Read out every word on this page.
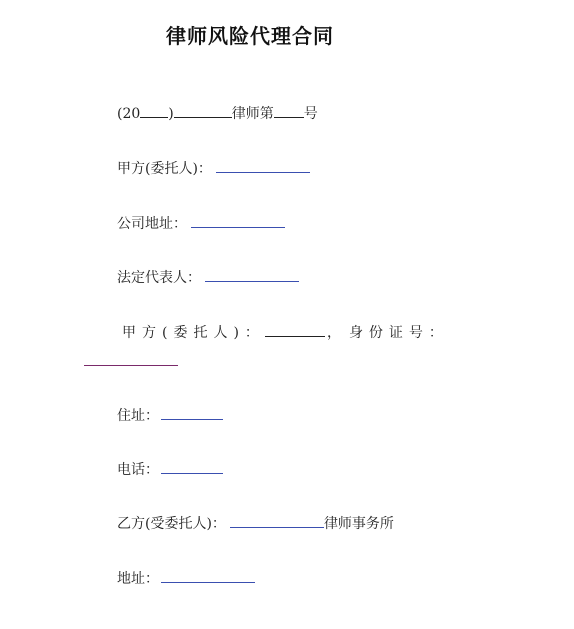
律师风险代理合同
(20 )	律师第 号
甲方(委托人)：
公司地址：
法定代表人：
甲方(委托人)：	， 身份证号：
住址：
电话：
乙方(受委托人)：	律师事务所
地址：
